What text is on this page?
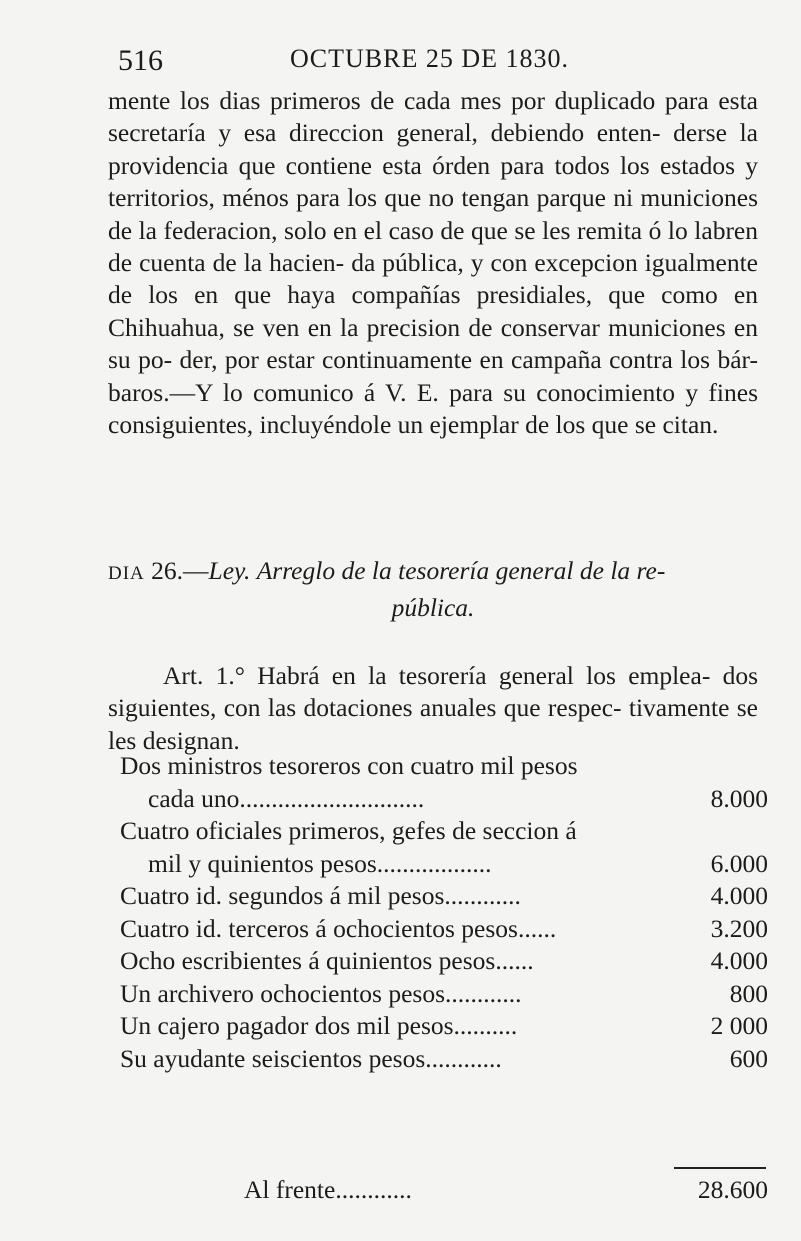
516	OCTUBRE 25 DE 1830.

mente los dias primeros de cada mes por duplicado para esta secretaría y esa direccion general, debiendo enten- derse la providencia que contiene esta órden para todos los estados y territorios, ménos para los que no tengan parque ni municiones de la federacion, solo en el caso de que se les remita ó lo labren de cuenta de la hacien- da pública, y con excepcion igualmente de los en que haya compañías presidiales, que como en Chihuahua, se ven en la precision de conservar municiones en su po- der, por estar continuamente en campaña contra los bár- baros.—Y lo comunico á V. E. para su conocimiento y fines consiguientes, incluyéndole un ejemplar de los que se citan.

DIA 26.—Ley. Arreglo de la tesorería general de la re-
pública.

Art. 1.° Habrá en la tesorería general los emplea- dos siguientes, con las dotaciones anuales que respec- tivamente se les designan.

Dos ministros tesoreros con cuatro mil pesos
cada uno.............................	8.000
Cuatro oficiales primeros, gefes de seccion á
mil y quinientos pesos..................	6.000
Cuatro id. segundos á mil pesos............	4.000
Cuatro id. terceros á ochocientos pesos......	3.200
Ocho escribientes á quinientos pesos......	4.000
Un archivero ochocientos pesos............	800
Un cajero pagador dos mil pesos..........	2 000
Su ayudante seiscientos pesos............	600
Al frente............	28.600
